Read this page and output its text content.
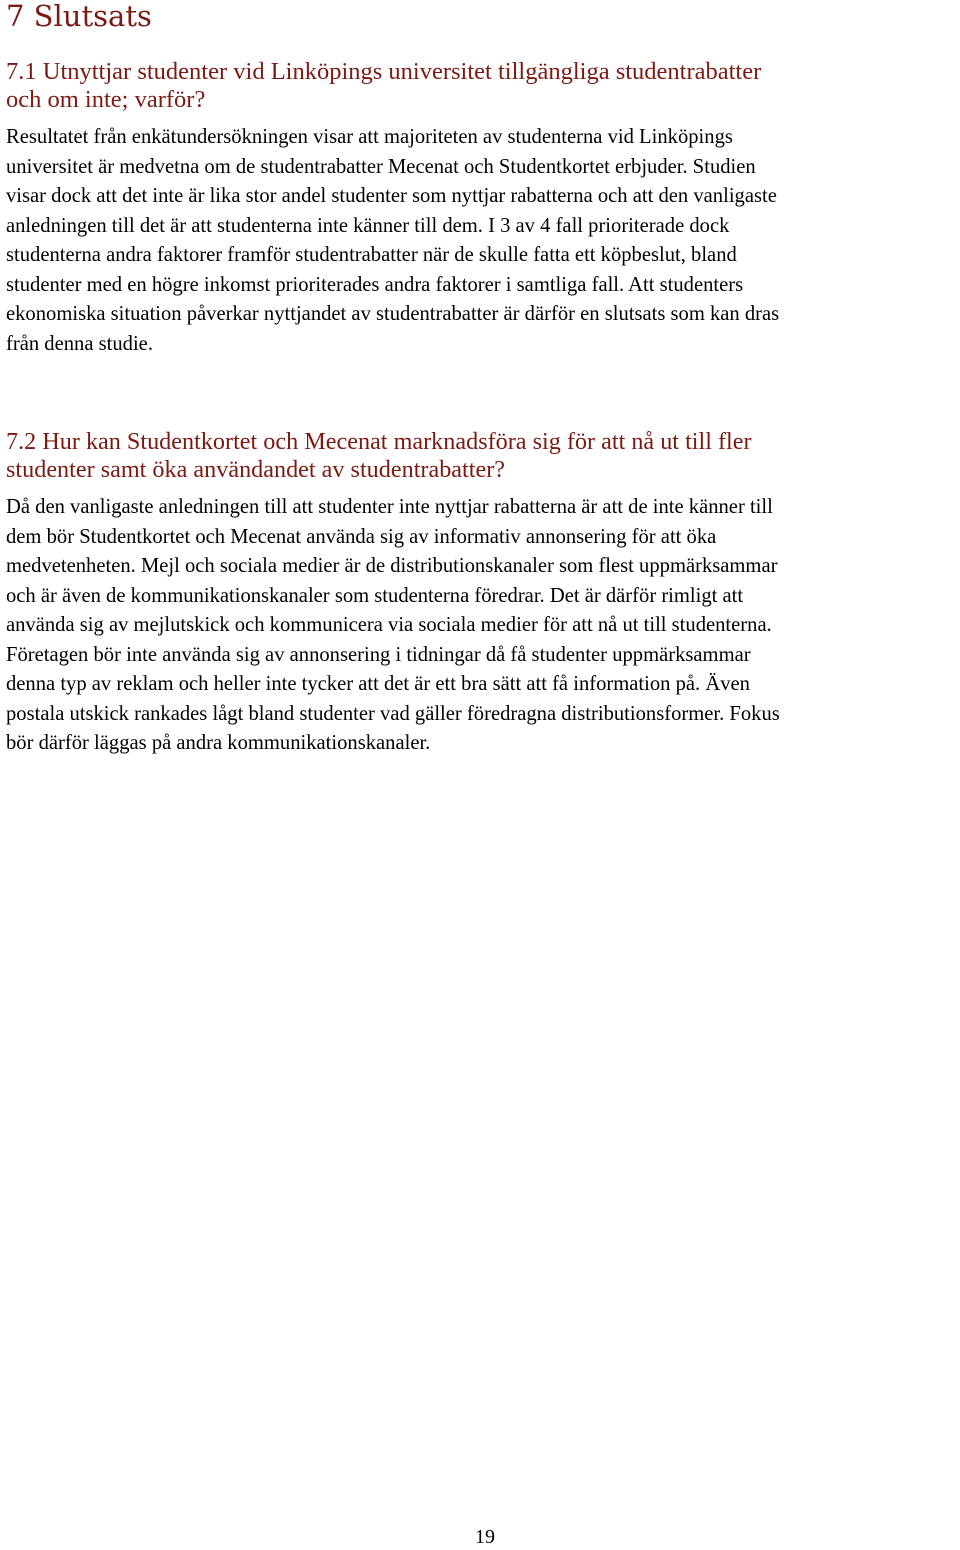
7 Slutsats
7.1 Utnyttjar studenter vid Linköpings universitet tillgängliga studentrabatter
och om inte; varför?

Resultatet från enkätundersökningen visar att majoriteten av studenterna vid Linköpings
universitet är medvetna om de studentrabatter Mecenat och Studentkortet erbjuder. Studien
visar dock att det inte är lika stor andel studenter som nyttjar rabatterna och att den vanligaste
anledningen till det är att studenterna inte känner till dem. I 3 av 4 fall prioriterade dock
studenterna andra faktorer framför studentrabatter när de skulle fatta ett köpbeslut, bland
studenter med en högre inkomst prioriterades andra faktorer i samtliga fall. Att studenters
ekonomiska situation påverkar nyttjandet av studentrabatter är därför en slutsats som kan dras
från denna studie.

7.2 Hur kan Studentkortet och Mecenat marknadsföra sig för att nå ut till fler
studenter samt öka användandet av studentrabatter?

Då den vanligaste anledningen till att studenter inte nyttjar rabatterna är att de inte känner till
dem bör Studentkortet och Mecenat använda sig av informativ annonsering för att öka
medvetenheten. Mejl och sociala medier är de distributionskanaler som flest uppmärksammar
och är även de kommunikationskanaler som studenterna föredrar. Det är därför rimligt att
använda sig av mejlutskick och kommunicera via sociala medier för att nå ut till studenterna.
Företagen bör inte använda sig av annonsering i tidningar då få studenter uppmärksammar
denna typ av reklam och heller inte tycker att det är ett bra sätt att få information på. Även
postala utskick rankades lågt bland studenter vad gäller föredragna distributionsformer. Fokus
bör därför läggas på andra kommunikationskanaler.

19
